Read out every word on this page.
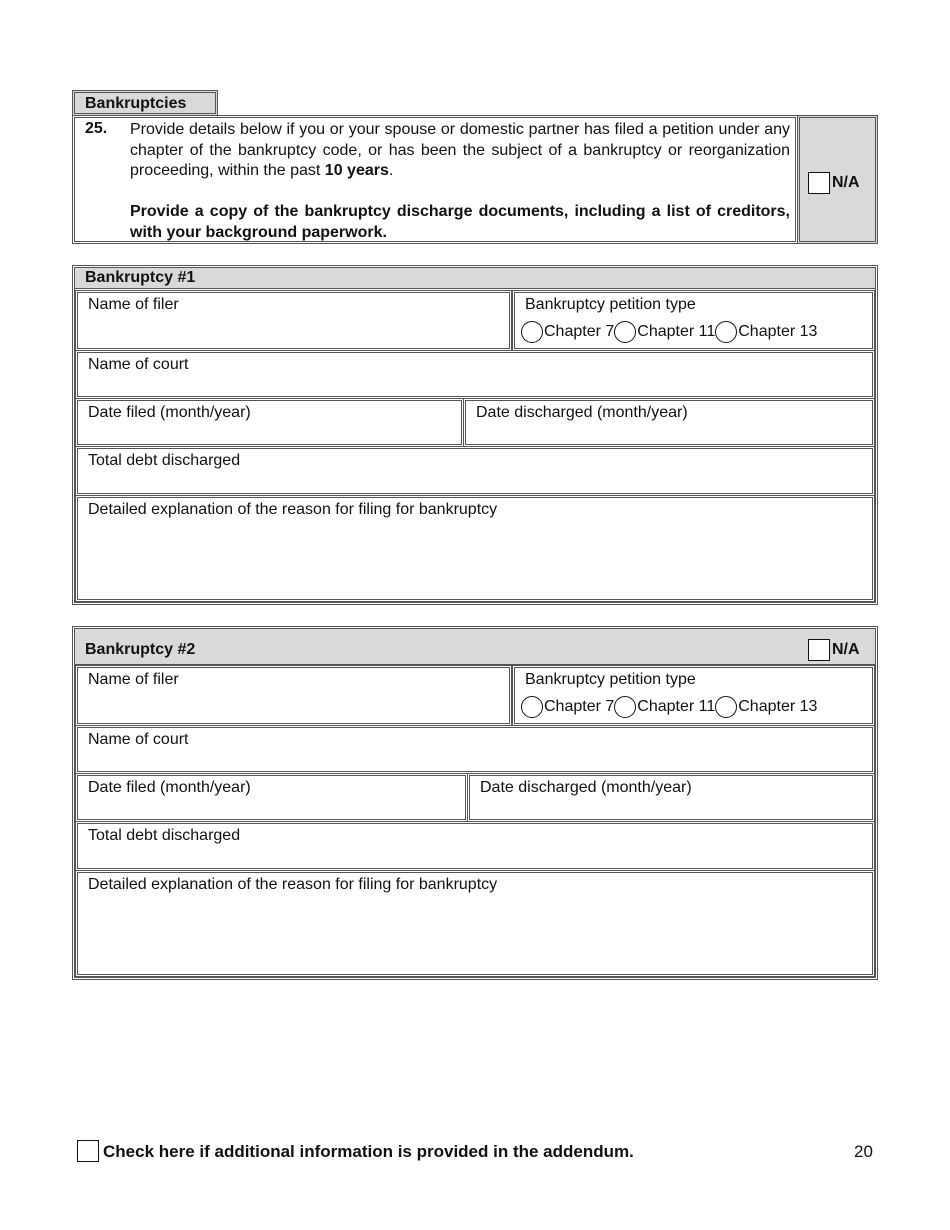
Bankruptcies
25. Provide details below if you or your spouse or domestic partner has filed a petition under any chapter of the bankruptcy code, or has been the subject of a bankruptcy or reorganization proceeding, within the past 10 years.
Provide a copy of the bankruptcy discharge documents, including a list of creditors, with your background paperwork.
N/A
Bankruptcy #1
Name of filer	Bankruptcy petition type
Chapter 7 Chapter 11 Chapter 13
Name of court
Date filed (month/year)	Date discharged (month/year)
Total debt discharged
Detailed explanation of the reason for filing for bankruptcy
Bankruptcy #2	N/A
Name of filer	Bankruptcy petition type
Chapter 7 Chapter 11 Chapter 13
Name of court
Date filed (month/year)	Date discharged (month/year)
Total debt discharged
Detailed explanation of the reason for filing for bankruptcy
Check here if additional information is provided in the addendum.	20
